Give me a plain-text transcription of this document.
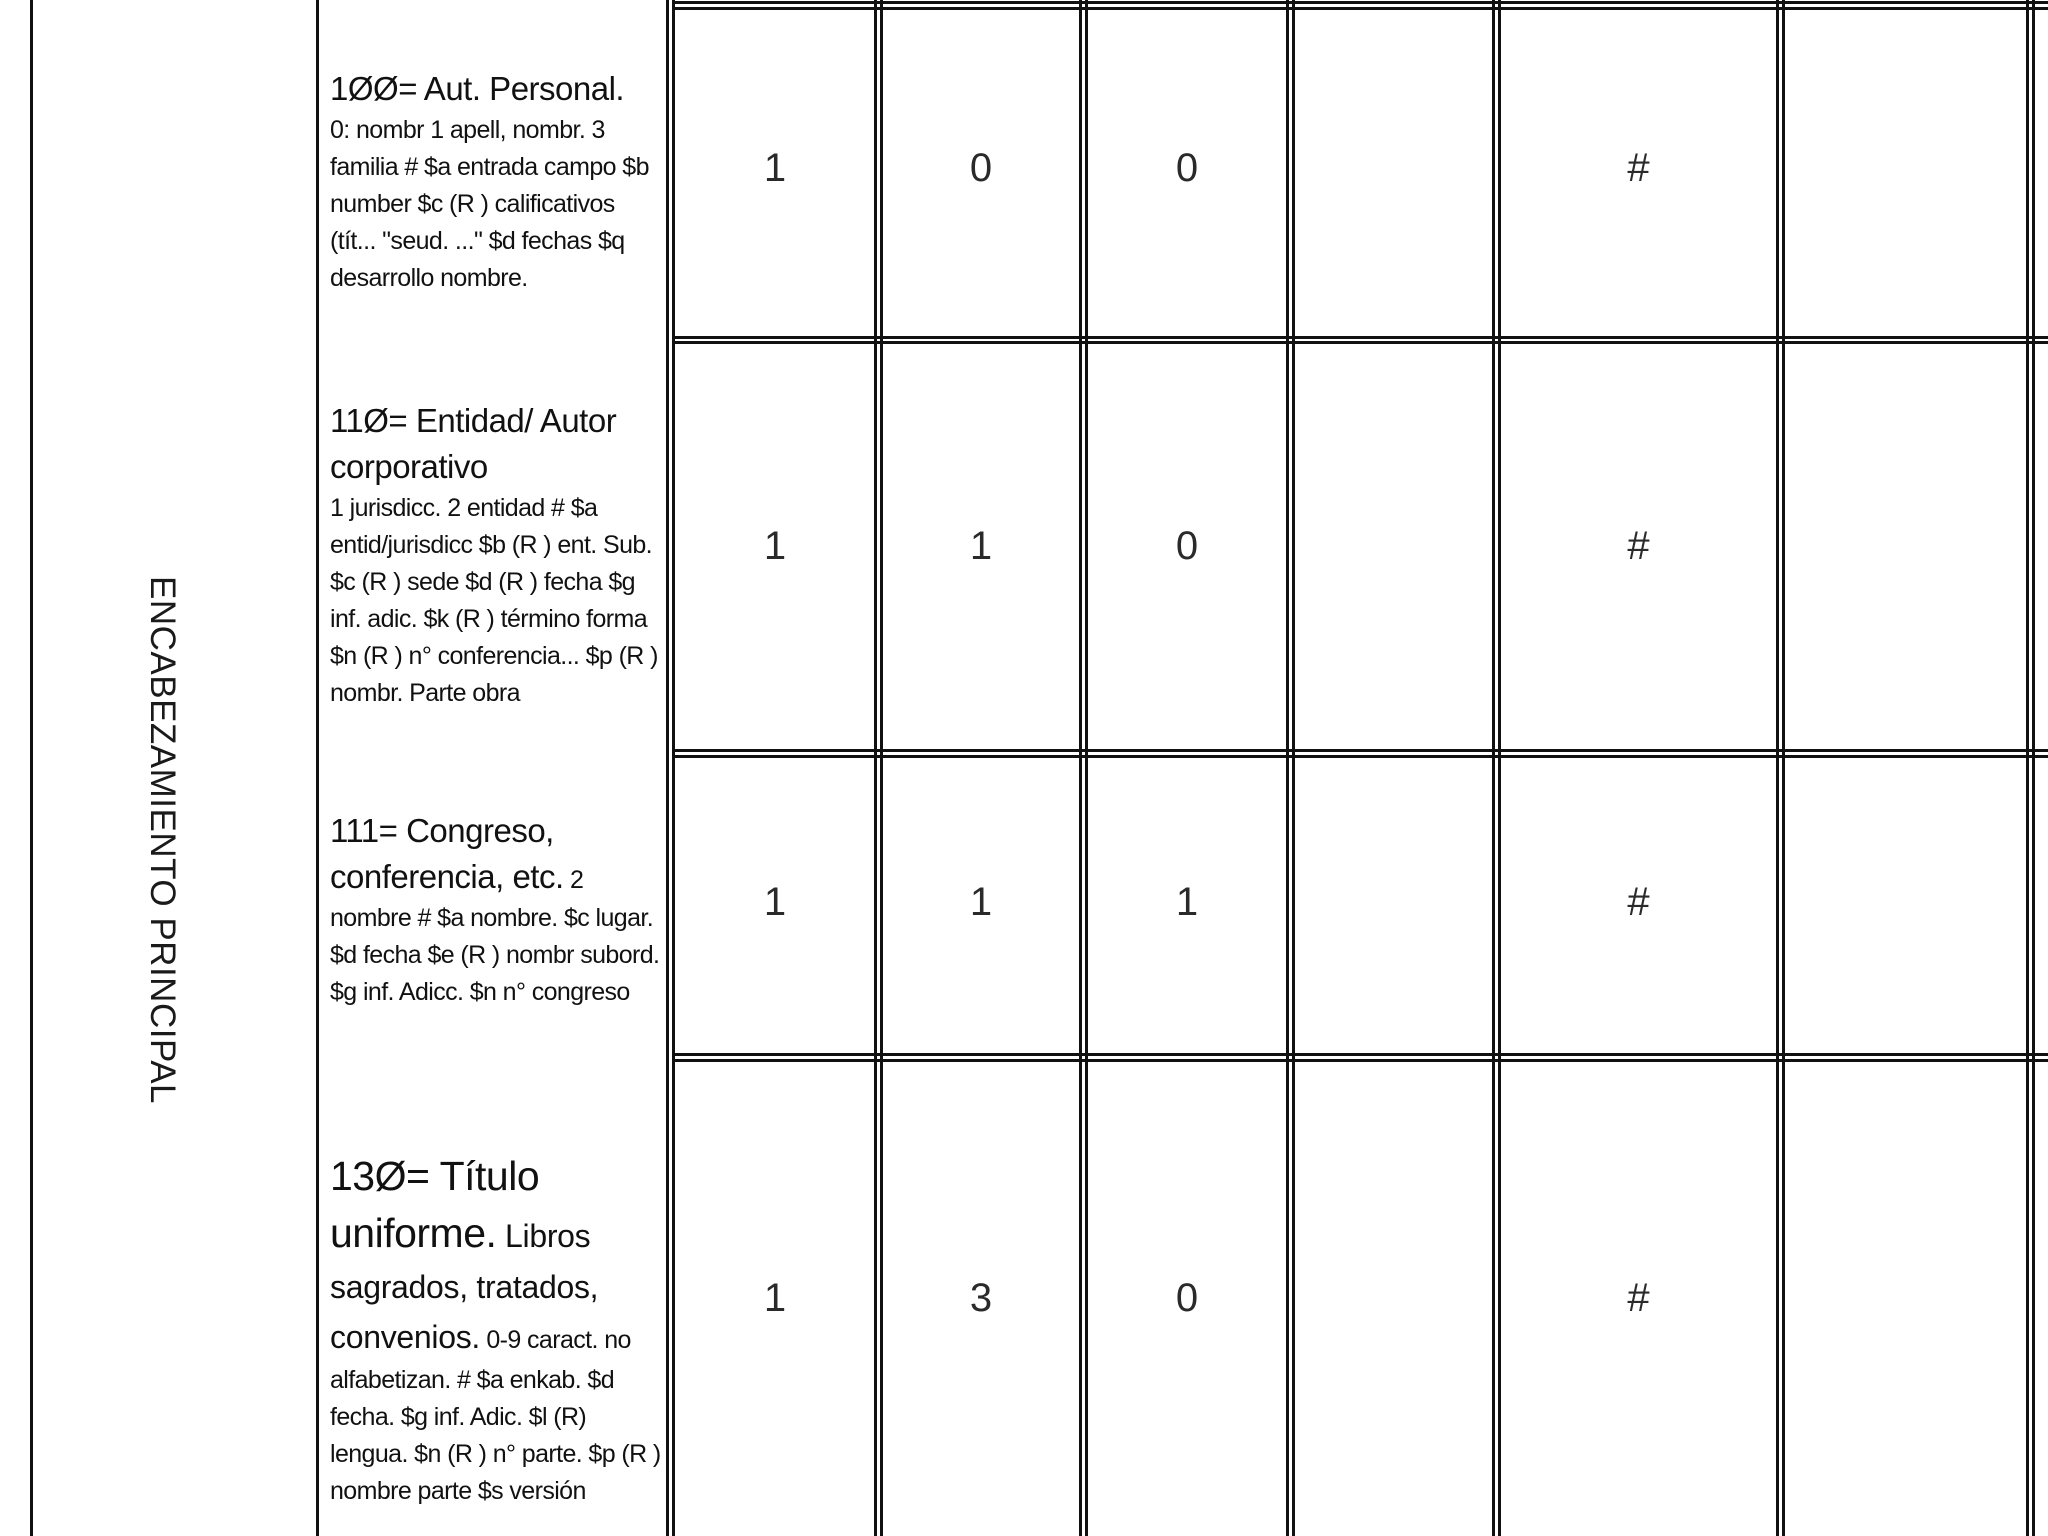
ENCABEZAMIENTO PRINCIPAL
1ØØ= Aut. Personal.
0: nombr 1 apell, nombr. 3 familia # $a entrada campo $b number $c (R ) calificativos (tít... "seud. ..." $d fechas $q desarrollo nombre.
1	0	0	#
11Ø= Entidad/ Autor corporativo
1 jurisdicc. 2 entidad # $a entid/jurisdicc $b (R ) ent. Sub. $c (R ) sede $d (R ) fecha $g inf. adic. $k (R ) término forma $n (R ) n° conferencia... $p (R ) nombr. Parte obra
1	1	0	#
111= Congreso, conferencia, etc. 2 nombre # $a nombre. $c lugar. $d fecha $e (R ) nombr subord. $g inf. Adicc. $n n° congreso
1	1	1	#
13Ø= Título uniforme. Libros sagrados, tratados, convenios. 0-9 caract. no alfabetizan. # $a enkab. $d fecha. $g inf. Adic. $l (R) lengua. $n (R ) n° parte. $p (R ) nombre parte $s versión
1	3	0	#
